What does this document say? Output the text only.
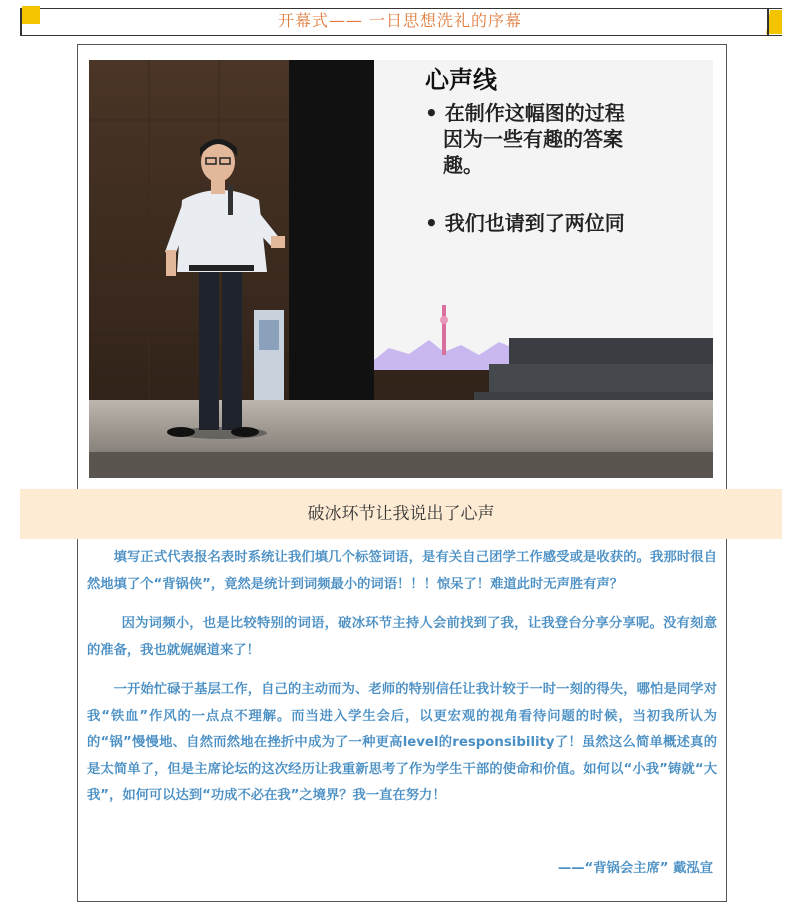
开幕式—— 一日思想洗礼的序幕
心声线
• 在制作这幅图的过程
因为一些有趣的答案
趣。
• 我们也请到了两位同
破冰环节让我说出了心声

填写正式代表报名表时系统让我们填几个标签词语，是有关自己团学工作感受或是收获的。我那时很自然地填了个“背锅侠”，竟然是统计到词频最小的词语！！！惊呆了！难道此时无声胜有声？

因为词频小，也是比较特别的词语，破冰环节主持人会前找到了我，让我登台分享分享呢。没有刻意的准备，我也就娓娓道来了！

一开始忙碌于基层工作，自己的主动而为、老师的特别信任让我计较于一时一刻的得失，哪怕是同学对我“铁血”作风的一点点不理解。而当进入学生会后，以更宏观的视角看待问题的时候，当初我所认为的“锅”慢慢地、自然而然地在挫折中成为了一种更高level的responsibility了！虽然这么简单概述真的是太简单了，但是主席论坛的这次经历让我重新思考了作为学生干部的使命和价值。如何以“小我”铸就“大我”，如何可以达到“功成不必在我”之境界？我一直在努力！

——“背锅会主席” 戴泓宣
